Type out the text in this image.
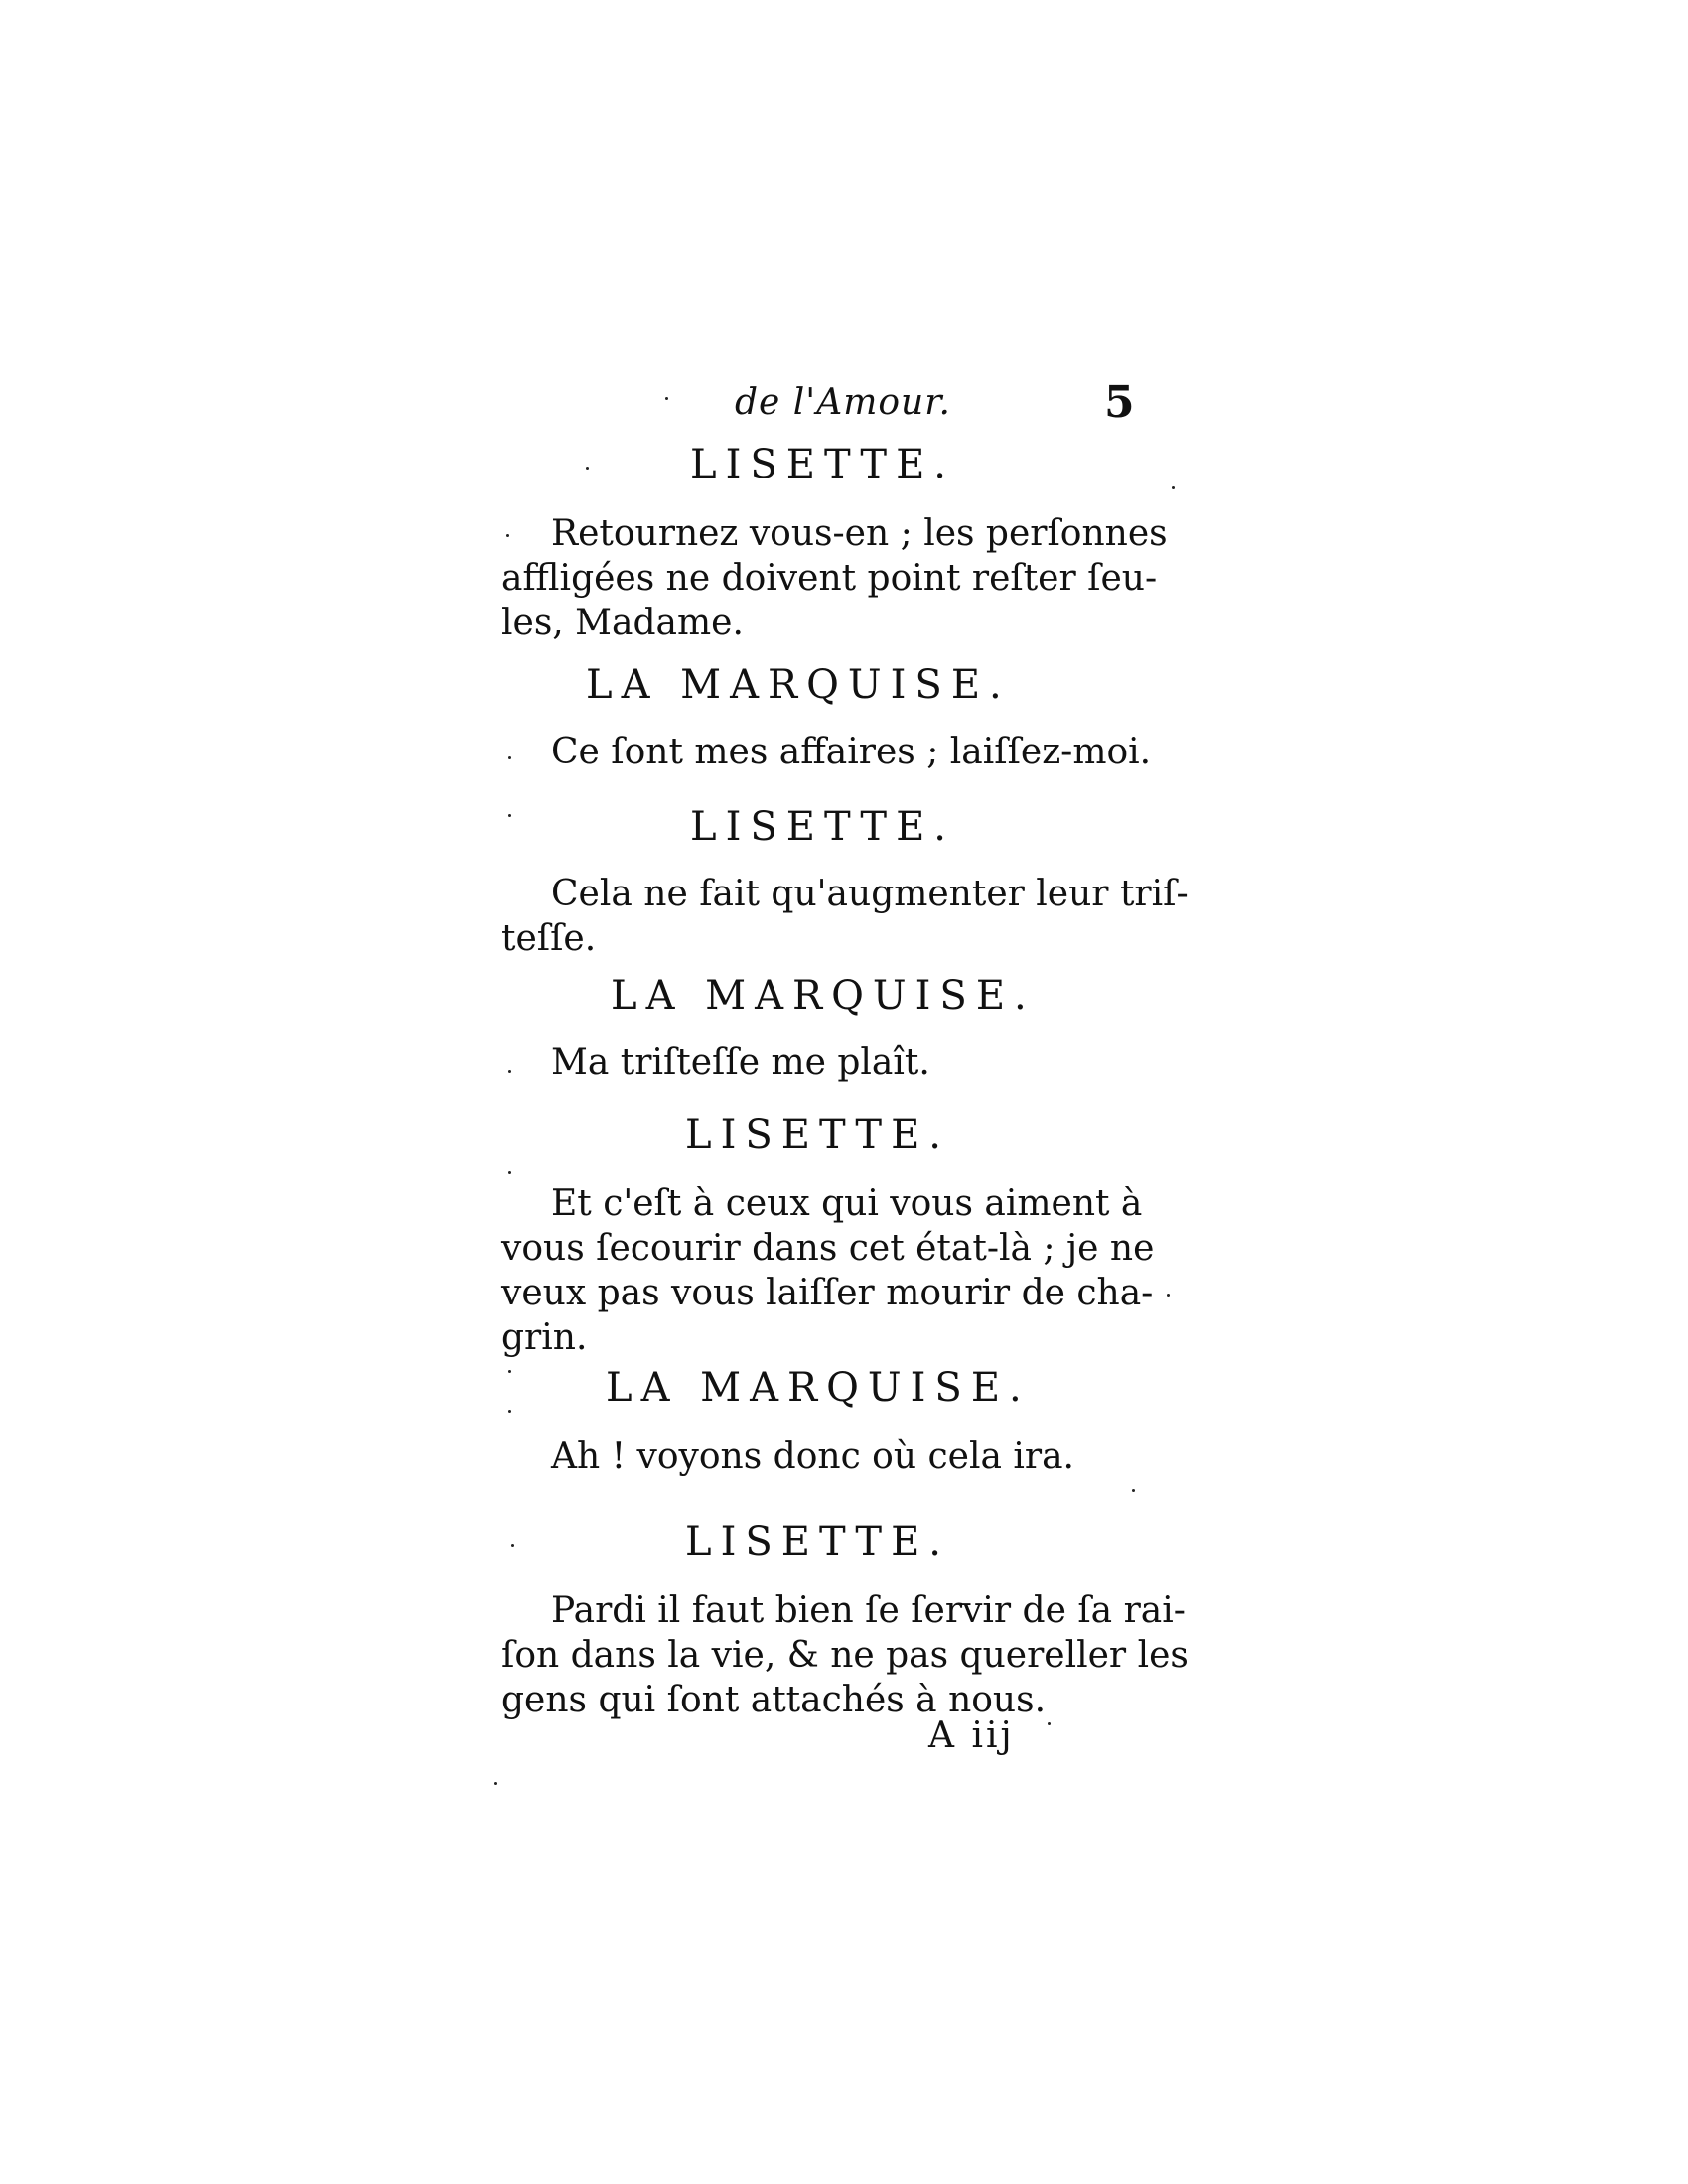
de l'Amour.	5
LISETTE.
Retournez vous-en ; les perſonnes
affligées ne doivent point reſter ſeu-
les, Madame.
LA MARQUISE.
Ce ſont mes affaires ; laiſſez-moi.
LISETTE.
Cela ne fait qu'augmenter leur triſ-
teſſe.
LA MARQUISE.
Ma triſteſſe me plaît.
LISETTE.
Et c'eſt à ceux qui vous aiment à
vous ſecourir dans cet état-là ; je ne
veux pas vous laiſſer mourir de cha-
grin.
LA MARQUISE.
Ah ! voyons donc où cela ira.
LISETTE.
Pardi il faut bien ſe ſervir de ſa rai-
ſon dans la vie, & ne pas quereller les
gens qui ſont attachés à nous.
A iij
